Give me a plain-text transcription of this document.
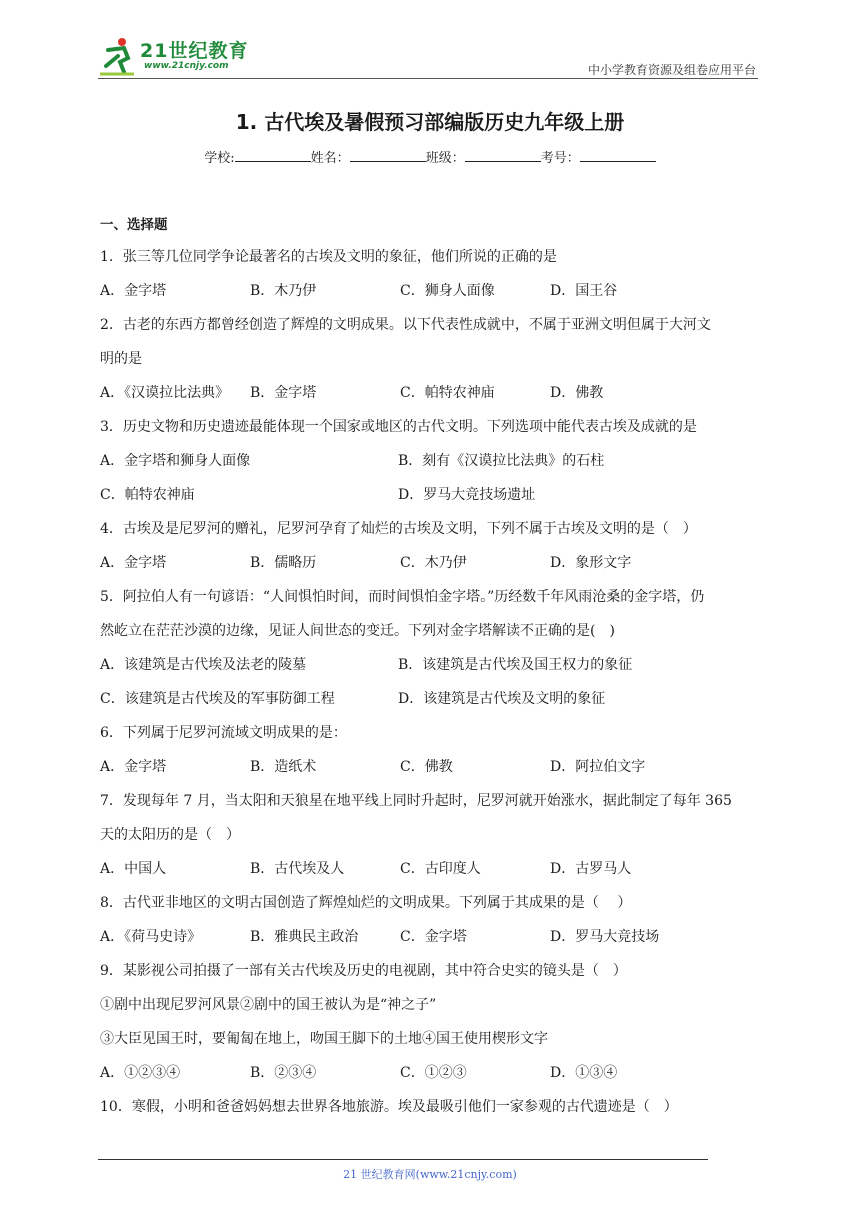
21世纪教育
www.21cnjy.com	中小学教育资源及组卷应用平台
1. 古代埃及暑假预习部编版历史九年级上册
学校:	姓名：	班级：	考号：
一、选择题
1．张三等几位同学争论最著名的古埃及文明的象征，他们所说的正确的是
A．金字塔	B．木乃伊	C．狮身人面像	D．国王谷
2．古老的东西方都曾经创造了辉煌的文明成果。以下代表性成就中，不属于亚洲文明但属于大河文
明的是
A．《汉谟拉比法典》	B．金字塔	C．帕特农神庙	D．佛教
3．历史文物和历史遗迹最能体现一个国家或地区的古代文明。下列选项中能代表古埃及成就的是
A．金字塔和狮身人面像	B．刻有《汉谟拉比法典》的石柱
C．帕特农神庙	D．罗马大竞技场遗址
4．古埃及是尼罗河的赠礼，尼罗河孕育了灿烂的古埃及文明，下列不属于古埃及文明的是（　）
A．金字塔	B．儒略历	C．木乃伊	D．象形文字
5．阿拉伯人有一句谚语：“人间惧怕时间，而时间惧怕金字塔。”历经数千年风雨沧桑的金字塔，仍
然屹立在茫茫沙漠的边缘，见证人间世态的变迁。下列对金字塔解读不正确的是(　)
A．该建筑是古代埃及法老的陵墓	B．该建筑是古代埃及国王权力的象征
C．该建筑是古代埃及的军事防御工程	D．该建筑是古代埃及文明的象征
6．下列属于尼罗河流域文明成果的是：
A．金字塔	B．造纸术	C．佛教	D．阿拉伯文字
7．发现每年 7 月，当太阳和天狼星在地平线上同时升起时，尼罗河就开始涨水，据此制定了每年 365
天的太阳历的是（　）
A．中国人	B．古代埃及人	C．古印度人	D．古罗马人
8．古代亚非地区的文明古国创造了辉煌灿烂的文明成果。下列属于其成果的是（　 ）
A．《荷马史诗》	B．雅典民主政治	C．金字塔	D．罗马大竞技场
9．某影视公司拍摄了一部有关古代埃及历史的电视剧，其中符合史实的镜头是（　）
①剧中出现尼罗河风景②剧中的国王被认为是“神之子”
③大臣见国王时，要匍匐在地上，吻国王脚下的土地④国王使用楔形文字
A．①②③④	B．②③④	C．①②③	D．①③④
10．寒假，小明和爸爸妈妈想去世界各地旅游。埃及最吸引他们一家参观的古代遗迹是（　）
21 世纪教育网(www.21cnjy.com)
